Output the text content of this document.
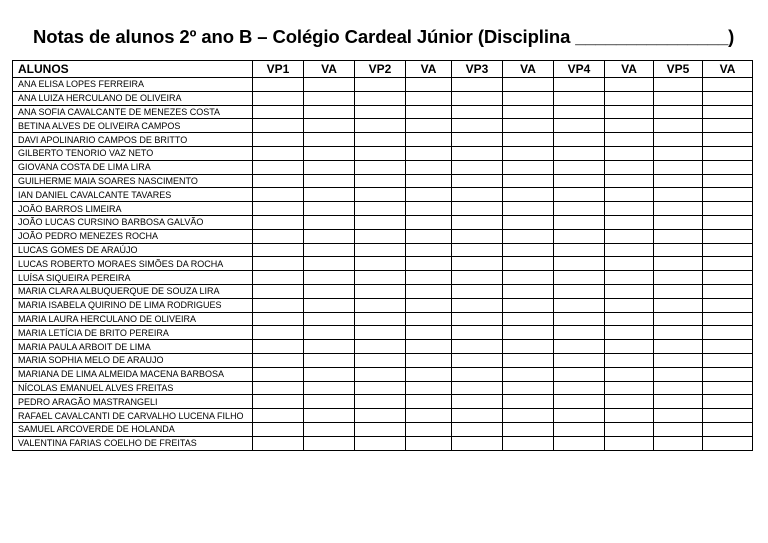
Notas de alunos 2º ano B – Colégio Cardeal Júnior (Disciplina _______________)
ALUNOS	VP1	VA	VP2	VA	VP3	VA	VP4	VA	VP5	VA
ANA ELISA LOPES FERREIRA										
ANA LUIZA HERCULANO DE OLIVEIRA										
ANA SOFIA CAVALCANTE DE MENEZES COSTA										
BETINA ALVES DE OLIVEIRA CAMPOS										
DAVI APOLINARIO CAMPOS DE BRITTO										
GILBERTO TENORIO VAZ NETO										
GIOVANA COSTA DE LIMA LIRA										
GUILHERME MAIA SOARES NASCIMENTO										
IAN DANIEL CAVALCANTE TAVARES										
JOÃO BARROS LIMEIRA										
JOÃO LUCAS CURSINO BARBOSA GALVÃO										
JOÃO PEDRO MENEZES ROCHA										
LUCAS GOMES DE ARAÚJO										
LUCAS ROBERTO MORAES SIMÕES DA ROCHA										
LUÍSA SIQUEIRA PEREIRA										
MARIA CLARA ALBUQUERQUE DE SOUZA LIRA										
MARIA ISABELA QUIRINO DE LIMA RODRIGUES										
MARIA LAURA HERCULANO DE OLIVEIRA										
MARIA LETÍCIA DE BRITO PEREIRA										
MARIA PAULA ARBOIT DE LIMA										
MARIA SOPHIA MELO DE ARAUJO										
MARIANA DE LIMA ALMEIDA MACENA BARBOSA										
NÍCOLAS EMANUEL ALVES FREITAS										
PEDRO ARAGÃO MASTRANGELI										
RAFAEL CAVALCANTI DE CARVALHO LUCENA FILHO										
SAMUEL ARCOVERDE DE HOLANDA										
VALENTINA FARIAS COELHO DE FREITAS										
